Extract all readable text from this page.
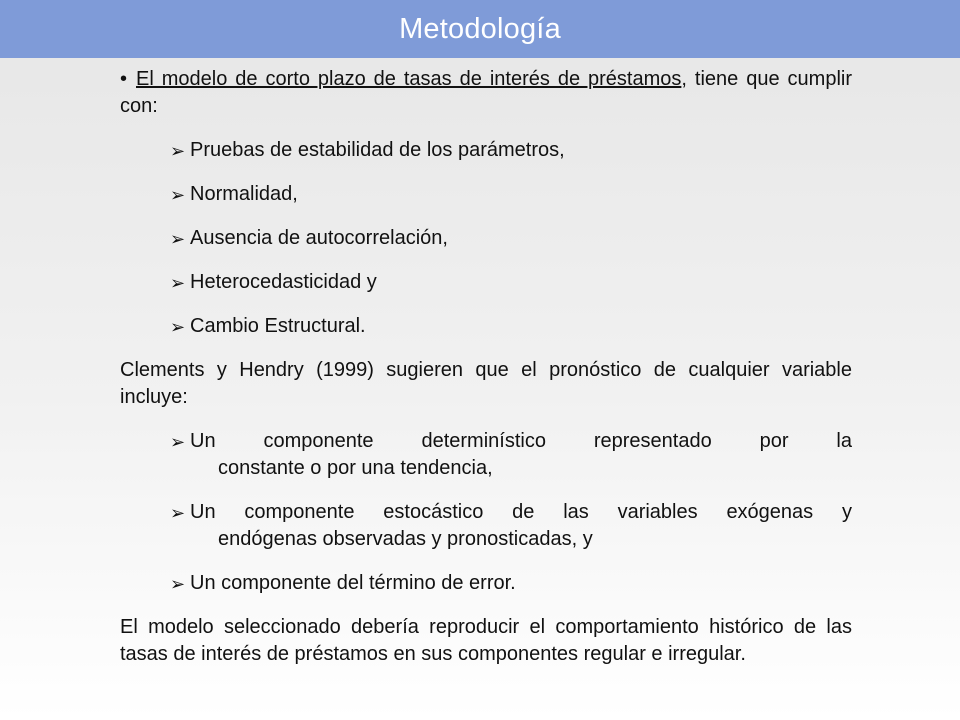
Metodología

• El modelo de corto plazo de tasas de interés de préstamos, tiene que cumplir con:

➢ Pruebas de estabilidad de los parámetros,
➢ Normalidad,
➢ Ausencia de autocorrelación,
➢ Heterocedasticidad y
➢ Cambio Estructural.

Clements y Hendry (1999) sugieren que el pronóstico de cualquier variable incluye:

➢ Un componente determinístico representado por la
constante o por una tendencia,
➢ Un componente estocástico de las variables exógenas y
endógenas observadas y pronosticadas, y
➢ Un componente del término de error.

El modelo seleccionado debería reproducir el comportamiento histórico de las tasas de interés de préstamos en sus componentes regular e irregular.
